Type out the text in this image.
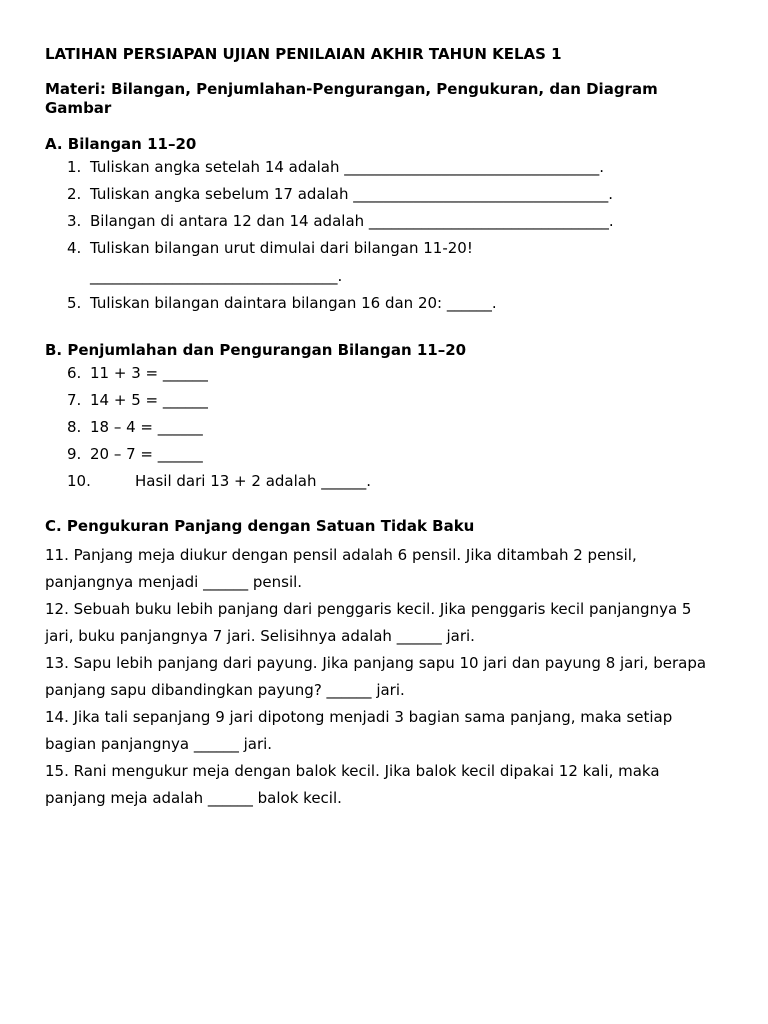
LATIHAN PERSIAPAN UJIAN PENILAIAN AKHIR TAHUN KELAS 1

Materi: Bilangan, Penjumlahan-Pengurangan, Pengukuran, dan Diagram Gambar

A. Bilangan 11–20

1. Tuliskan angka setelah 14 adalah __________________________________.
2. Tuliskan angka sebelum 17 adalah __________________________________.
3. Bilangan di antara 12 dan 14 adalah ________________________________.
4. Tuliskan bilangan urut dimulai dari bilangan 11-20!
_________________________________.
5. Tuliskan bilangan daintara bilangan 16 dan 20: ______.

B. Penjumlahan dan Pengurangan Bilangan 11–20

6. 11 + 3 = ______
7. 14 + 5 = ______
8. 18 – 4 = ______
9. 20 – 7 = ______
10.	Hasil dari 13 + 2 adalah ______.

C. Pengukuran Panjang dengan Satuan Tidak Baku

11. Panjang meja diukur dengan pensil adalah 6 pensil. Jika ditambah 2 pensil,

panjangnya menjadi ______ pensil.

12. Sebuah buku lebih panjang dari penggaris kecil. Jika penggaris kecil panjangnya 5

jari, buku panjangnya 7 jari. Selisihnya adalah ______ jari.

13. Sapu lebih panjang dari payung. Jika panjang sapu 10 jari dan payung 8 jari, berapa

panjang sapu dibandingkan payung? ______ jari.

14. Jika tali sepanjang 9 jari dipotong menjadi 3 bagian sama panjang, maka setiap

bagian panjangnya ______ jari.

15. Rani mengukur meja dengan balok kecil. Jika balok kecil dipakai 12 kali, maka

panjang meja adalah ______ balok kecil.
